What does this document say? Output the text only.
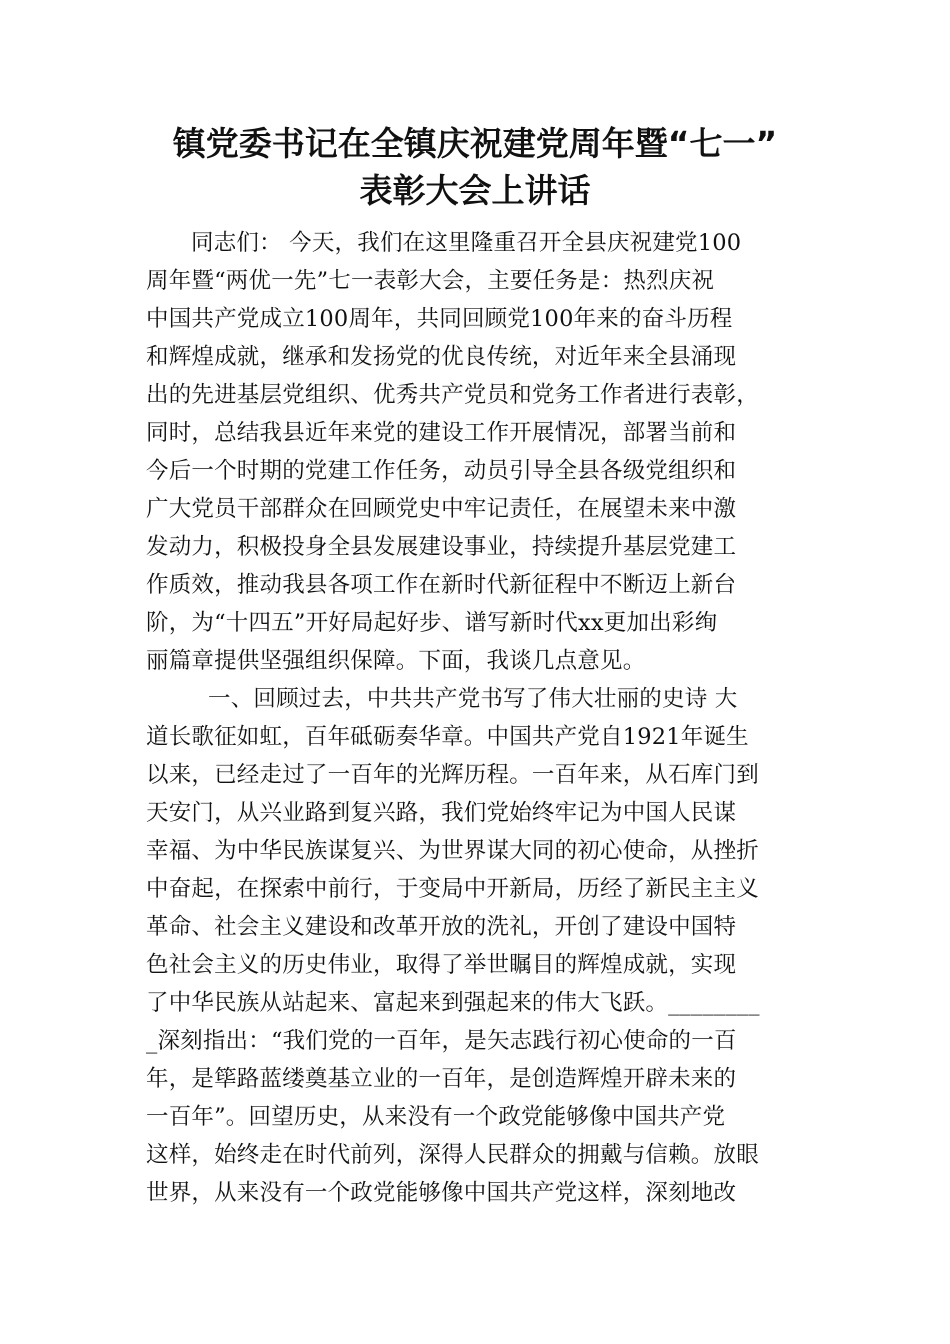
镇党委书记在全镇庆祝建党周年暨“七一”
表彰大会上讲话
同志们： 今天，我们在这里隆重召开全县庆祝建党100
周年暨“两优一先”七一表彰大会，主要任务是：热烈庆祝
中国共产党成立100周年，共同回顾党100年来的奋斗历程
和辉煌成就，继承和发扬党的优良传统，对近年来全县涌现
出的先进基层党组织、优秀共产党员和党务工作者进行表彰，
同时，总结我县近年来党的建设工作开展情况，部署当前和
今后一个时期的党建工作任务，动员引导全县各级党组织和
广大党员干部群众在回顾党史中牢记责任，在展望未来中激
发动力，积极投身全县发展建设事业，持续提升基层党建工
作质效，推动我县各项工作在新时代新征程中不断迈上新台
阶，为“十四五”开好局起好步、谱写新时代xx更加出彩绚
丽篇章提供坚强组织保障。下面，我谈几点意见。
一、回顾过去，中共共产党书写了伟大壮丽的史诗 大
道长歌征如虹，百年砥砺奏华章。中国共产党自1921年诞生
以来，已经走过了一百年的光辉历程。一百年来，从石库门到
天安门，从兴业路到复兴路，我们党始终牢记为中国人民谋
幸福、为中华民族谋复兴、为世界谋大同的初心使命，从挫折
中奋起，在探索中前行，于变局中开新局，历经了新民主主义
革命、社会主义建设和改革开放的洗礼，开创了建设中国特
色社会主义的历史伟业，取得了举世瞩目的辉煌成就，实现
了中华民族从站起来、富起来到强起来的伟大飞跃。________
_深刻指出：“我们党的一百年，是矢志践行初心使命的一百
年，是筚路蓝缕奠基立业的一百年，是创造辉煌开辟未来的
一百年”。回望历史，从来没有一个政党能够像中国共产党
这样，始终走在时代前列，深得人民群众的拥戴与信赖。放眼
世界，从来没有一个政党能够像中国共产党这样，深刻地改
